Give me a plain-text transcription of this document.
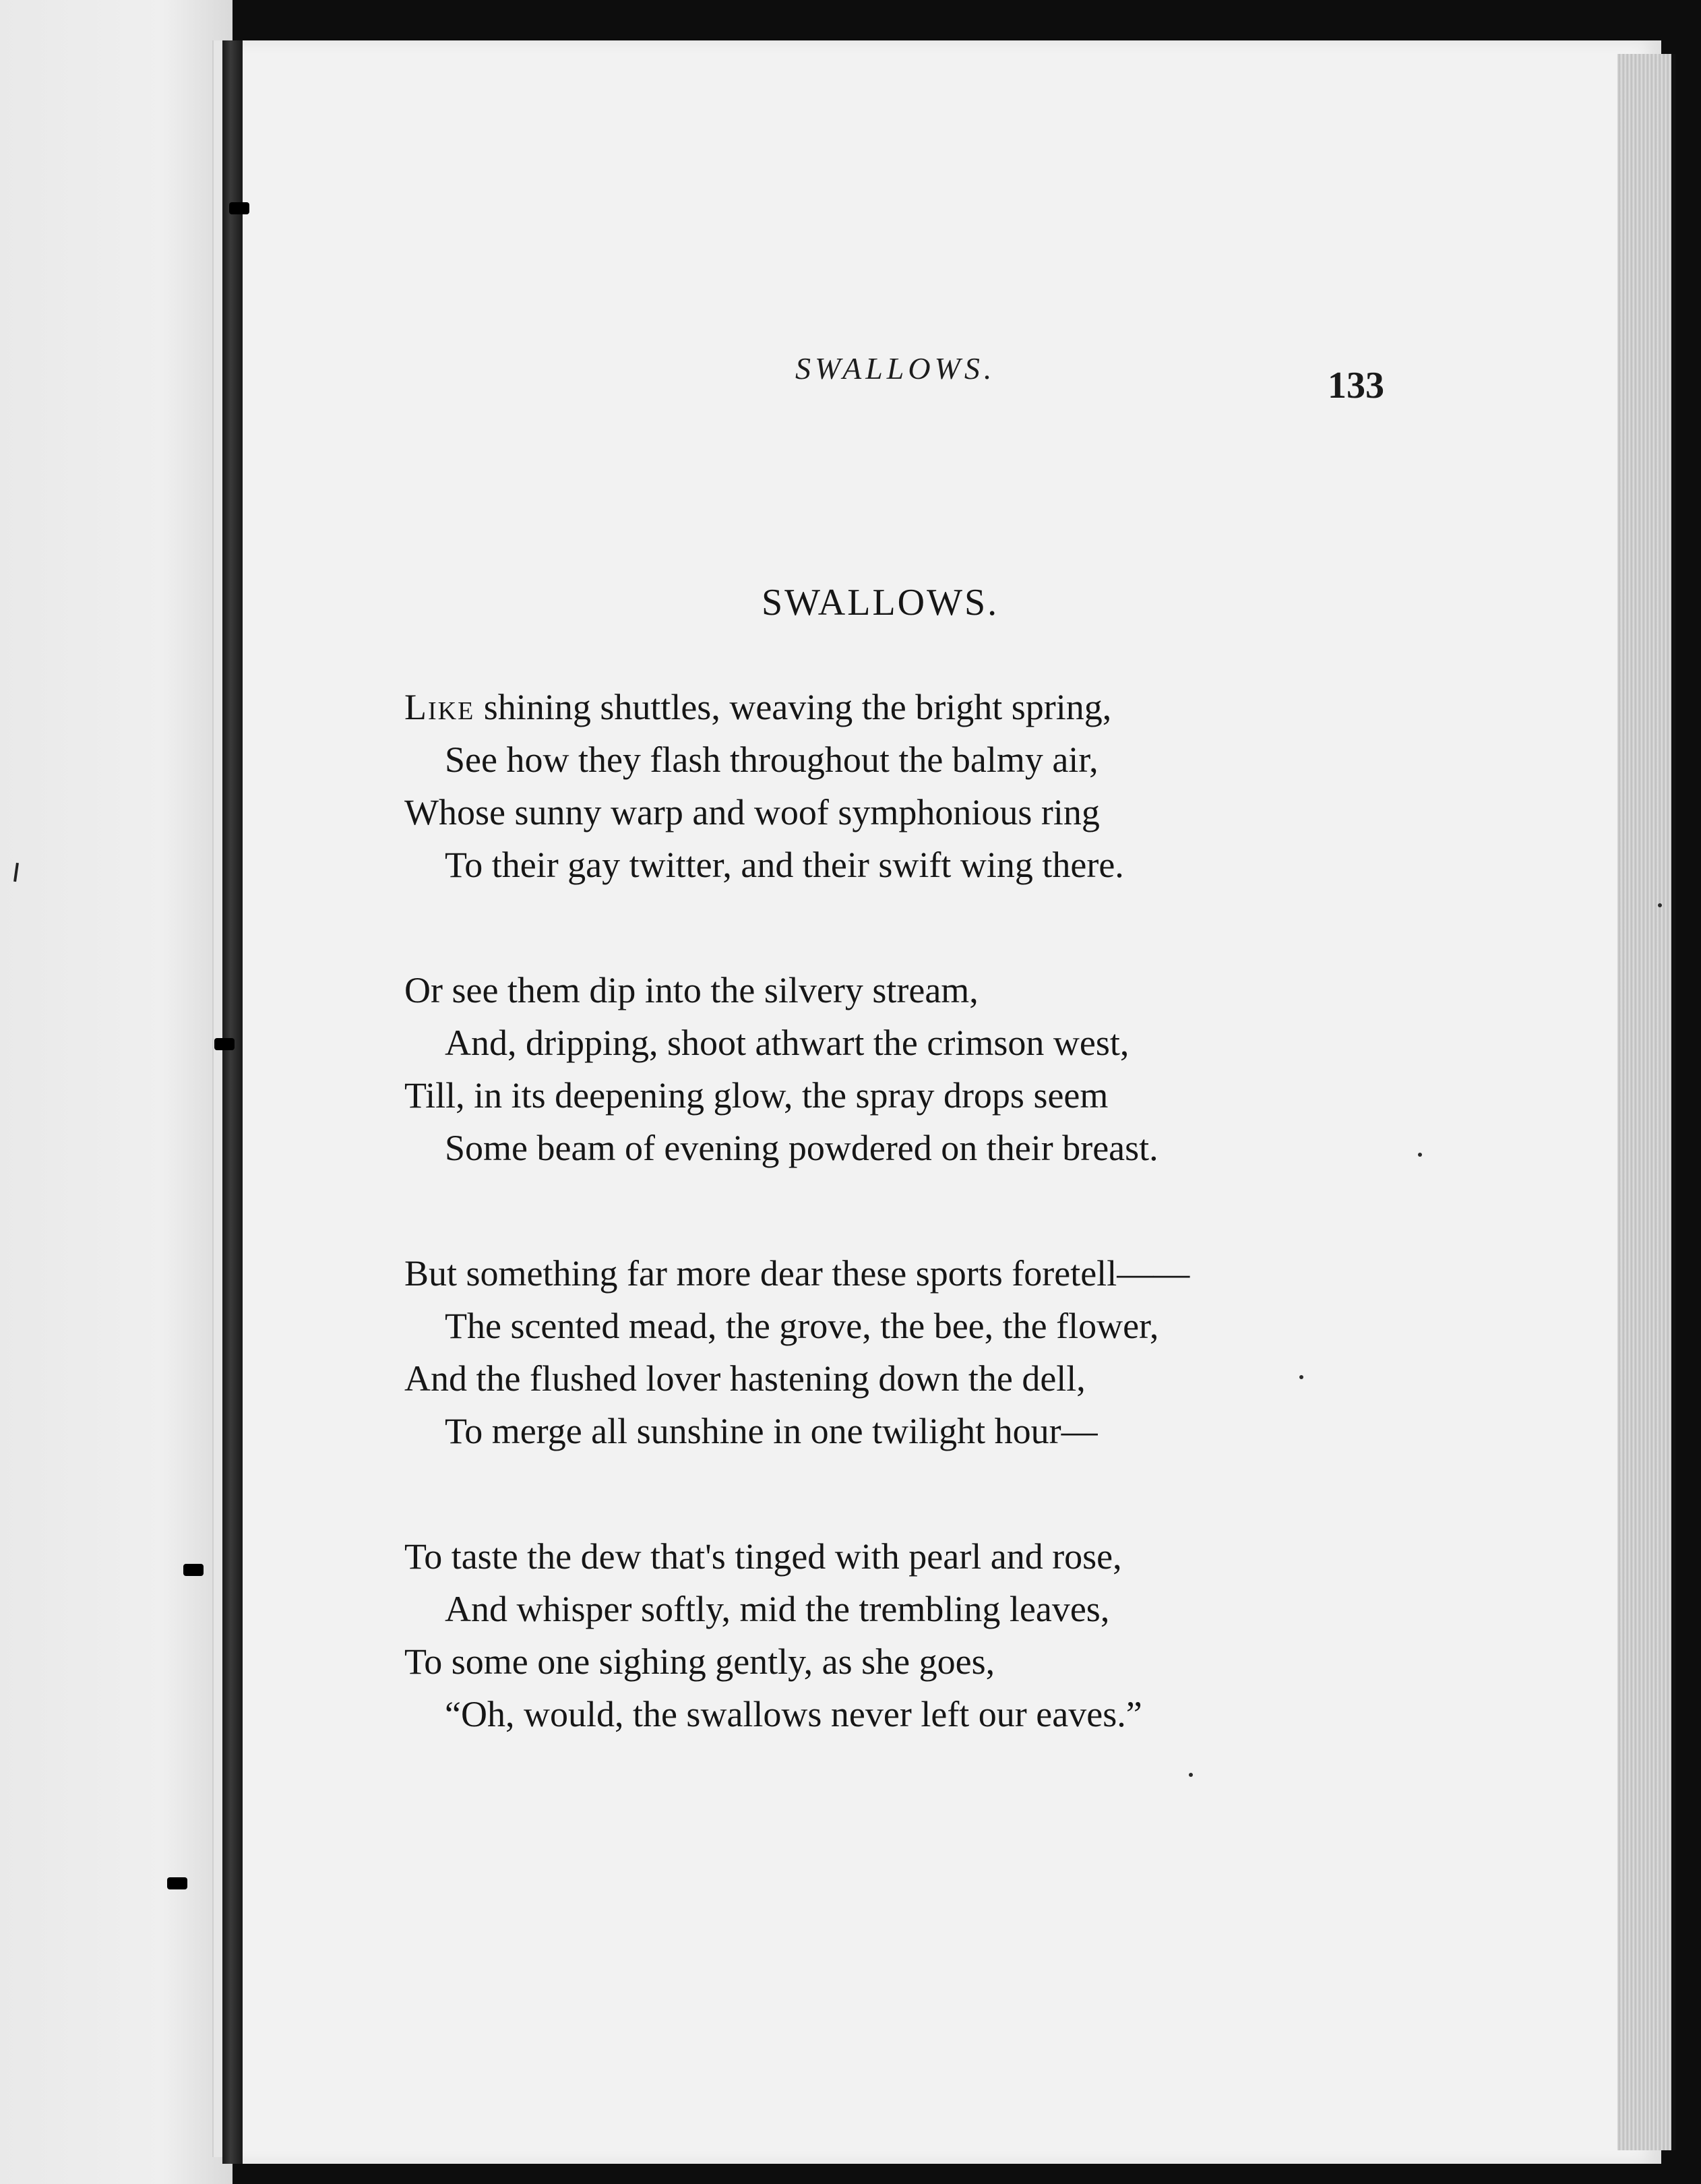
SWALLOWS.	133
SWALLOWS.
Like shining shuttles, weaving the bright spring,
See how they flash throughout the balmy air,
Whose sunny warp and woof symphonious ring
To their gay twitter, and their swift wing there.
Or see them dip into the silvery stream,
And, dripping, shoot athwart the crimson west,
Till, in its deepening glow, the spray drops seem
Some beam of evening powdered on their breast.
But something far more dear these sports foretell——
The scented mead, the grove, the bee, the flower,
And the flushed lover hastening down the dell,
To merge all sunshine in one twilight hour—
To taste the dew that's tinged with pearl and rose,
And whisper softly, mid the trembling leaves,
To some one sighing gently, as she goes,
“Oh, would, the swallows never left our eaves.”
